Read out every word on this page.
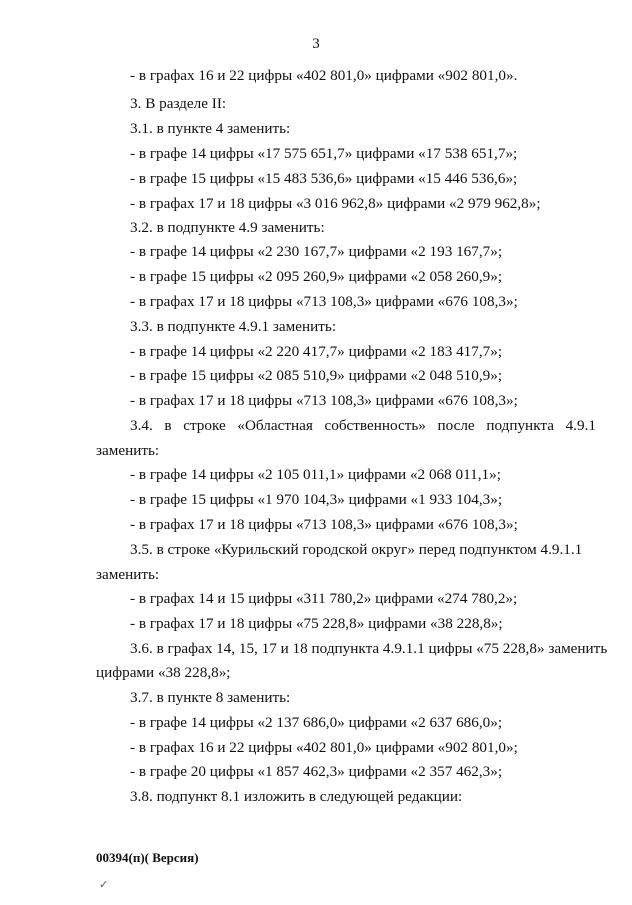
3
- в графах 16 и 22 цифры «402 801,0» цифрами «902 801,0».
3. В разделе II:
3.1. в пункте 4 заменить:
- в графе 14 цифры «17 575 651,7» цифрами «17 538 651,7»;
- в графе 15 цифры «15 483 536,6» цифрами «15 446 536,6»;
- в графах 17 и 18 цифры «3 016 962,8» цифрами «2 979 962,8»;
3.2. в подпункте 4.9 заменить:
- в графе 14 цифры «2 230 167,7» цифрами «2 193 167,7»;
- в графе 15 цифры «2 095 260,9» цифрами «2 058 260,9»;
- в графах 17 и 18 цифры «713 108,3» цифрами «676 108,3»;
3.3. в подпункте 4.9.1 заменить:
- в графе 14 цифры «2 220 417,7» цифрами «2 183 417,7»;
- в графе 15 цифры «2 085 510,9» цифрами «2 048 510,9»;
- в графах 17 и 18 цифры «713 108,3» цифрами «676 108,3»;
3.4. в строке «Областная собственность» после подпункта 4.9.1
заменить:
- в графе 14 цифры «2 105 011,1» цифрами «2 068 011,1»;
- в графе 15 цифры «1 970 104,3» цифрами «1 933 104,3»;
- в графах 17 и 18 цифры «713 108,3» цифрами «676 108,3»;
3.5. в строке «Курильский городской округ» перед подпунктом 4.9.1.1
заменить:
- в графах 14 и 15 цифры «311 780,2» цифрами «274 780,2»;
- в графах 17 и 18 цифры «75 228,8» цифрами «38 228,8»;
3.6. в графах 14, 15, 17 и 18 подпункта 4.9.1.1 цифры «75 228,8» заменить
цифрами «38 228,8»;
3.7. в пункте 8 заменить:
- в графе 14 цифры «2 137 686,0» цифрами «2 637 686,0»;
- в графах 16 и 22 цифры «402 801,0» цифрами «902 801,0»;
- в графе 20 цифры «1 857 462,3» цифрами «2 357 462,3»;
3.8. подпункт 8.1 изложить в следующей редакции:
00394(п)( Версия)
✓
